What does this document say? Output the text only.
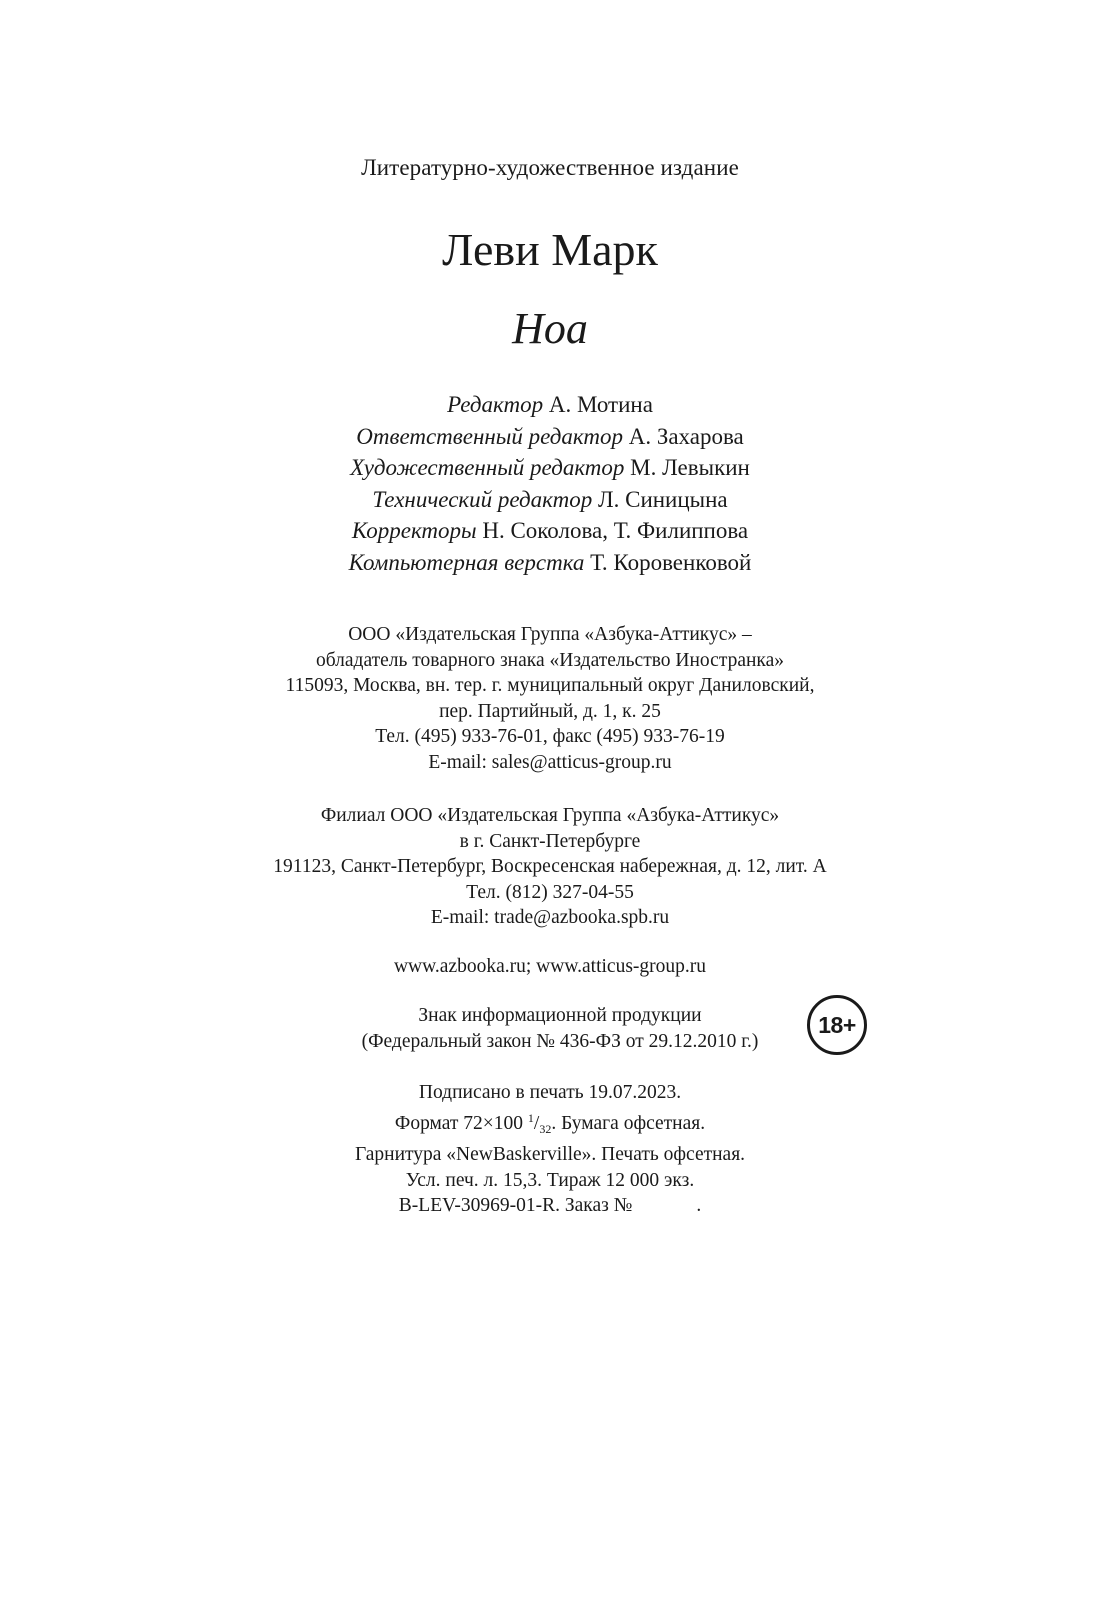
Литературно-художественное издание
Леви Марк
Ноа
Редактор А. Мотина
Ответственный редактор А. Захарова
Художественный редактор М. Левыкин
Технический редактор Л. Синицына
Корректоры Н. Соколова, Т. Филиппова
Компьютерная верстка Т. Коровенковой
ООО «Издательская Группа «Азбука-Аттикус» –
обладатель товарного знака «Издательство Иностранка»
115093, Москва, вн. тер. г. муниципальный округ Даниловский,
пер. Партийный, д. 1, к. 25
Тел. (495) 933-76-01, факс (495) 933-76-19
E-mail: sales@atticus-group.ru
Филиал ООО «Издательская Группа «Азбука-Аттикус»
в г. Санкт-Петербурге
191123, Санкт-Петербург, Воскресенская набережная, д. 12, лит. А
Тел. (812) 327-04-55
E-mail: trade@azbooka.spb.ru
www.azbooka.ru; www.atticus-group.ru
Знак информационной продукции
(Федеральный закон № 436-ФЗ от 29.12.2010 г.)
18+
Подписано в печать 19.07.2023.
Формат 72×100 $^1/_{32}$. Бумага офсетная.
Гарнитура «NewBaskerville». Печать офсетная.
Усл. печ. л. 15,3. Тираж 12 000 экз.
B-LEV-30969-01-R. Заказ №	.
